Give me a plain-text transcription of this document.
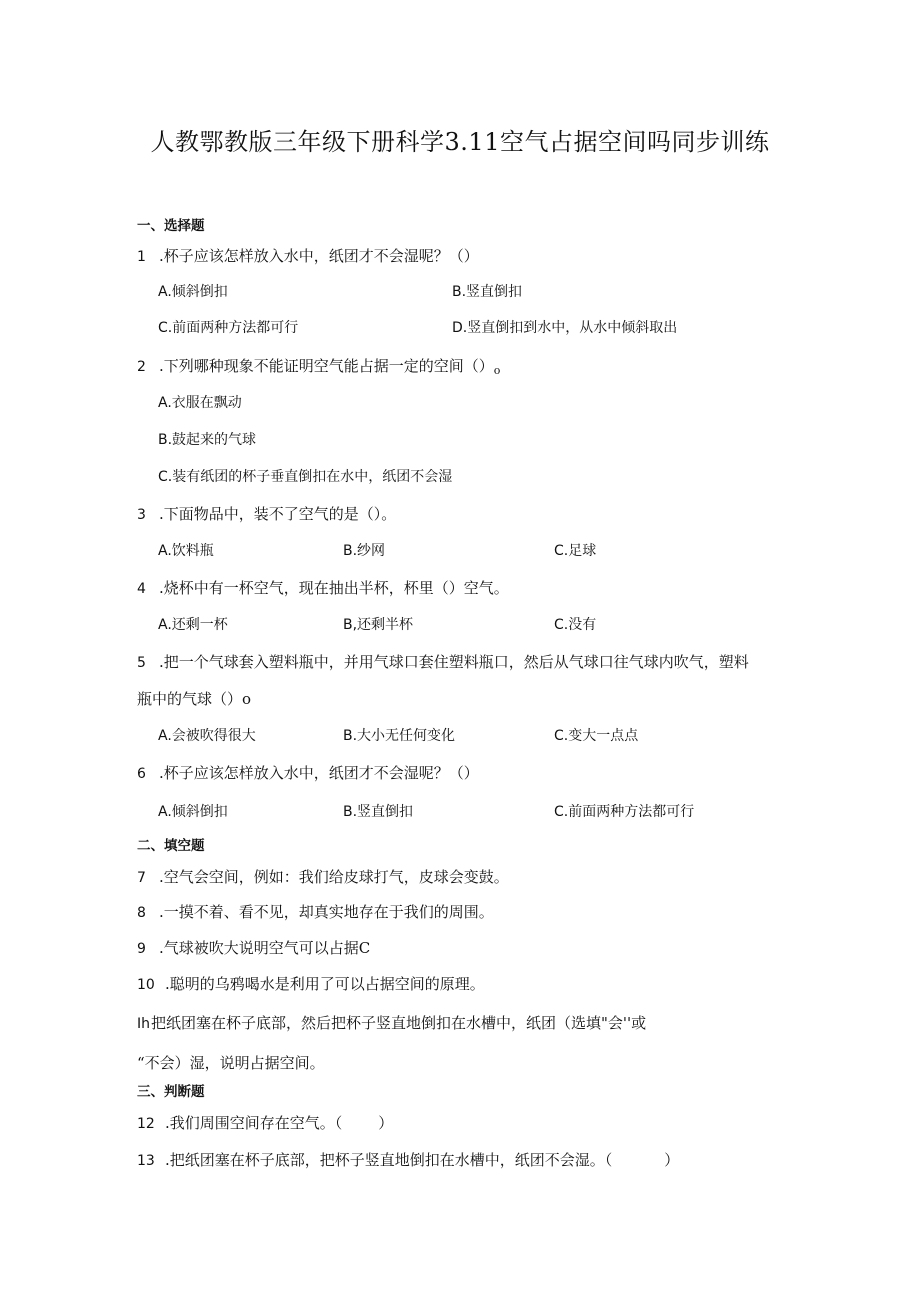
人教鄂教版三年级下册科学3.11空气占据空间吗同步训练
一、选择题
1 .杯子应该怎样放入水中，纸团才不会湿呢？（）
A.倾斜倒扣	B.竖直倒扣
C.前面两种方法都可行	D.竖直倒扣到水中，从水中倾斜取出
2 .下列哪种现象不能证明空气能占据一定的空间$()_o$
A.衣服在飘动
B.鼓起来的气球
C.装有纸团的杯子垂直倒扣在水中，纸团不会湿
3 .下面物品中，装不了空气的是（）。
A.饮料瓶	B.纱网	C.足球
4 .烧杯中有一杯空气，现在抽出半杯，杯里（）空气。
A.还剩一杯	B,还剩半杯	C.没有
5 .把一个气球套入塑料瓶中，并用气球口套住塑料瓶口，然后从气球口往气球内吹气，塑料
瓶中的气球（）o
A.会被吹得很大	B.大小无任何变化	C.变大一点点
6 .杯子应该怎样放入水中，纸团才不会湿呢？（）
A.倾斜倒扣	B.竖直倒扣	C.前面两种方法都可行
二、填空题
7 .空气会空间，例如：我们给皮球打气，皮球会变鼓。
8 .一摸不着、看不见，却真实地存在于我们的周围。
9 .气球被吹大说明空气可以占据C
10 .聪明的乌鸦喝水是利用了可以占据空间的原理。
Ih把纸团塞在杯子底部，然后把杯子竖直地倒扣在水槽中，纸团（选填"会''或
“不会）湿，说明占据空间。
三、判断题
12 .我们周围空间存在空气。（ ）
13 .把纸团塞在杯子底部，把杯子竖直地倒扣在水槽中，纸团不会湿。（	）
